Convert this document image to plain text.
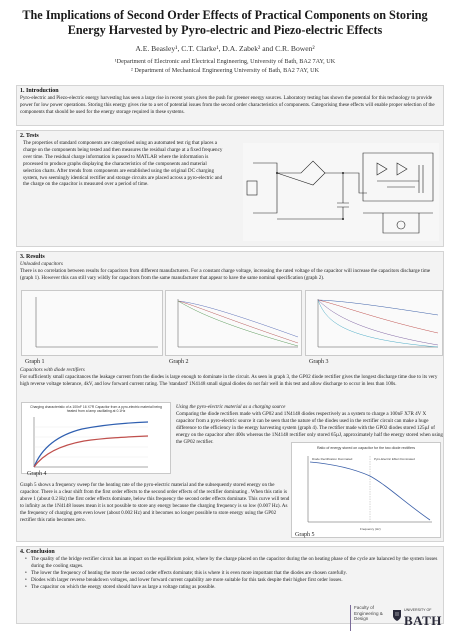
The Implications of Second Order Effects of Practical Components on Storing Energy Harvested by Pyro-electric and Piezo-electric Effects
A.E. Beasley¹, C.T. Clarke¹, D.A. Zabek² and C.R. Bowen²
¹Department of Electronic and Electrical Engineering, University of Bath, BA2 7AY, UK
² Department of Mechanical Engineering University of Bath, BA2 7AY, UK
1. Introduction
Pyro-electric and Piezo-electric energy harvesting has seen a large rise in recent years given the push for greener energy sources. Laboratory testing has shown the potential for this technology to provide power for low power operations. Storing this energy gives rise to a set of potential issues from the second order characteristics of components. Categorising these effects will enable proper selection of the components that should be used for the energy storage required in these systems.
2. Tests
The properties of standard components are categorised using an automated test rig that places a charge on the components being tested and then measures the residual charge at a fixed frequency over time. The residual charge information is passed to MATLAB where the information is processed to produce graphs displaying the characteristics of the components and material selection charts. After trends from components are established using the original DC charging system, two seemingly identical rectifier and storage circuits are placed across a pyro-electric and the charge on the capacitor is measured over a period of time.
3. Results
Unloaded capacitors
There is no correlation between results for capacitors from different manufacturers. For a constant charge voltage, increasing the rated voltage of the capacitor will increase the capacitors discharge time (graph 1). However this can still vary wildly for capacitors from the same manufacturer that appear to have the same nominal specification (graph 2).
Graph 1	Graph 2	Graph 3
Capacitors with diode rectifiers
For sufficiently small capacitances the leakage current from the diodes is large enough to dominate in the circuit. As seen in graph 3, the GP02 diode rectifier gives the longest discharge time due to its very high reverse voltage tolerance, 4kV, and low forward current rating. The 'standard' 1N4148 small signal diodes do not fair well in this test and allow discharge to occur in less than 100s.
Charging characteristic of a 100nF 16 X7R Capacitor from a pyro-electric material being heated from a lamp oscillating at 0.1Hz
Graph 4
Using the pyro-electric material as a charging source
Comparing the diode rectifiers made with GP02 and 1N4148 diodes respectively as a system to charge a 100nF X7R 4V X capacitor from a pyro-electric source it can be seen that the nature of the diodes used in the rectifier circuit can make a huge difference to the efficiency in the energy harvesting system (graph 4). The rectifier made with the GP02 diodes stored 125µJ of energy on the capacitor after 400s whereas the 1N4148 rectifier only stored 65µJ, approximately half the energy stored when using the GP02 rectifier.
Graph 5 shows a frequency sweep for the heating rate of the pyro-electric material and the subsequently stored energy on the capacitor. There is a clear shift from the first order effects to the second order effects of the rectifier dominating . When this ratio is above 1 (about 0.2 Hz) the first order effects dominate, below this frequency the second order effects dominate. This curve will tend to infinity as the 1N4148 losses mean it is not possible to store any energy because the charging frequency is so low (0.007 Hz). As the frequency of charging gets even lower (about 0.002 Hz) and it becomes no longer possible to store energy using the GP02 rectifier this ratio becomes zero.
Ratio of energy stored on capacitor for the two diode rectifiers
Diode Rectification Dominated	Pyro-Electric Effect Dominated
Frequency (Hz)
Graph 5
4. Conclusion
• The quality of the bridge rectifier circuit has an impact on the equilibrium point, where by the charge placed on the capacitor during the on heating phase of the cycle are balanced by the system losses during the cooling stages.
• The lower the frequency of heating the more the second order effects dominate; this is where it is even more important that the diodes are chosen carefully.
• Diodes with larger reverse breakdown voltages, and lower forward current capability are more suitable for this task despite their higher first order losses.
• The capacitor on which the energy stored should have as large a voltage rating as possible.
Faculty of
Engineering & Design
UNIVERSITY OF
BATH
